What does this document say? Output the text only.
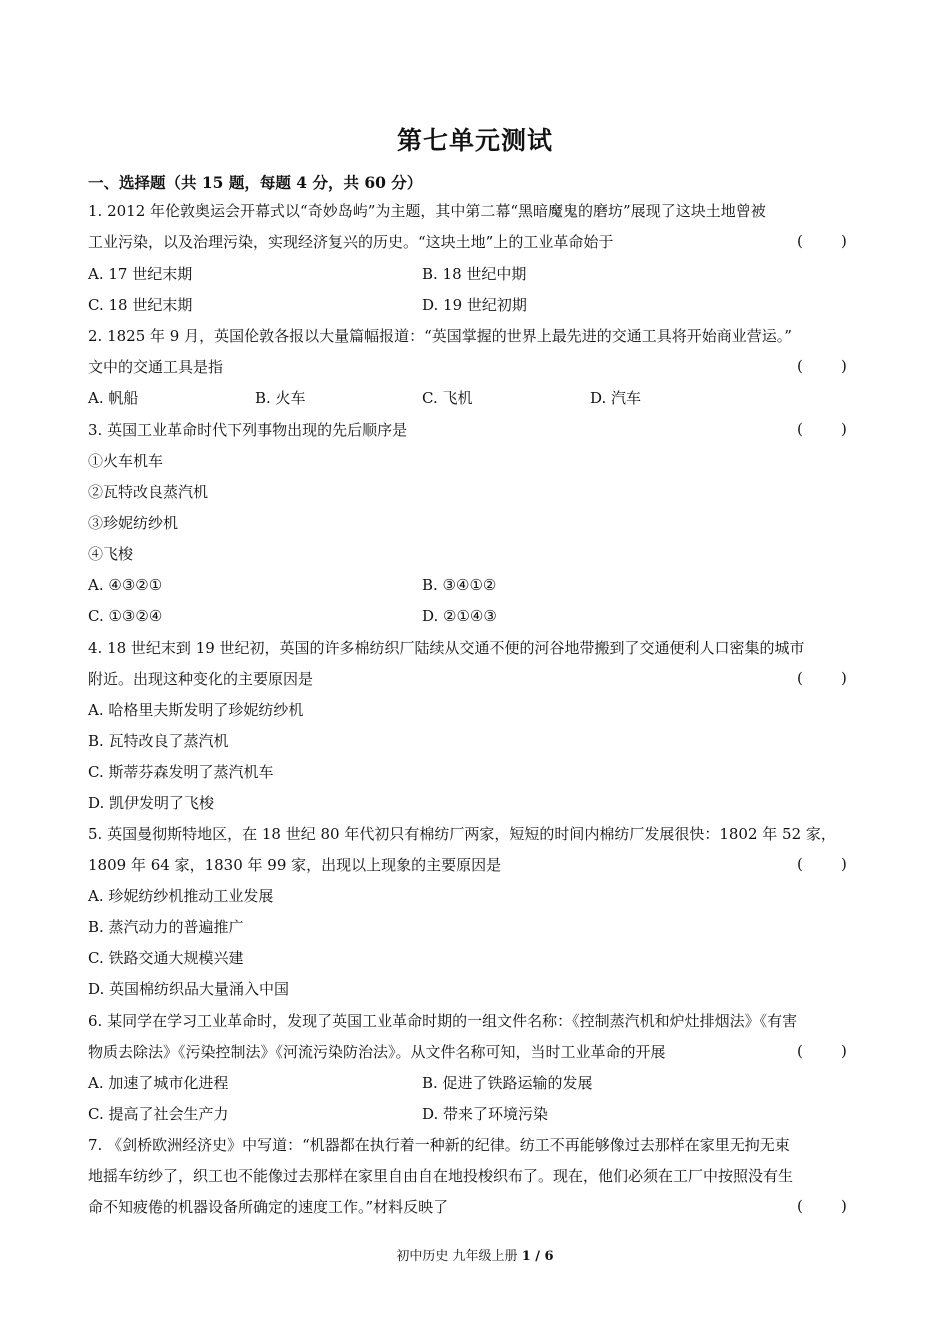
第七单元测试
一、选择题（共 15 题，每题 4 分，共 60 分）
1. 2012 年伦敦奥运会开幕式以“奇妙岛屿”为主题，其中第二幕“黑暗魔鬼的磨坊”展现了这块土地曾被
工业污染，以及治理污染，实现经济复兴的历史。“这块土地”上的工业革命始于	(        )
A. 17 世纪末期	B. 18 世纪中期
C. 18 世纪末期	D. 19 世纪初期
2. 1825 年 9 月，英国伦敦各报以大量篇幅报道：“英国掌握的世界上最先进的交通工具将开始商业营运。”
文中的交通工具是指	(        )
A. 帆船	B. 火车	C. 飞机	D. 汽车
3. 英国工业革命时代下列事物出现的先后顺序是	(        )
①火车机车
②瓦特改良蒸汽机
③珍妮纺纱机
④飞梭
A. ④③②①	B. ③④①②
C. ①③②④	D. ②①④③
4. 18 世纪末到 19 世纪初，英国的许多棉纺织厂陆续从交通不便的河谷地带搬到了交通便利人口密集的城市
附近。出现这种变化的主要原因是	(        )
A. 哈格里夫斯发明了珍妮纺纱机
B. 瓦特改良了蒸汽机
C. 斯蒂芬森发明了蒸汽机车
D. 凯伊发明了飞梭
5. 英国曼彻斯特地区，在 18 世纪 80 年代初只有棉纺厂两家，短短的时间内棉纺厂发展很快：1802 年 52 家，
1809 年 64 家，1830 年 99 家，出现以上现象的主要原因是	(        )
A. 珍妮纺纱机推动工业发展
B. 蒸汽动力的普遍推广
C. 铁路交通大规模兴建
D. 英国棉纺织品大量涌入中国
6. 某同学在学习工业革命时，发现了英国工业革命时期的一组文件名称：《控制蒸汽机和炉灶排烟法》《有害
物质去除法》《污染控制法》《河流污染防治法》。从文件名称可知，当时工业革命的开展	(        )
A. 加速了城市化进程	B. 促进了铁路运输的发展
C. 提高了社会生产力	D. 带来了环境污染
7. 《剑桥欧洲经济史》中写道：“机器都在执行着一种新的纪律。纺工不再能够像过去那样在家里无拘无束
地摇车纺纱了，织工也不能像过去那样在家里自由自在地投梭织布了。现在，他们必须在工厂中按照没有生
命不知疲倦的机器设备所确定的速度工作。”材料反映了	(        )
初中历史 九年级上册 1 / 6
